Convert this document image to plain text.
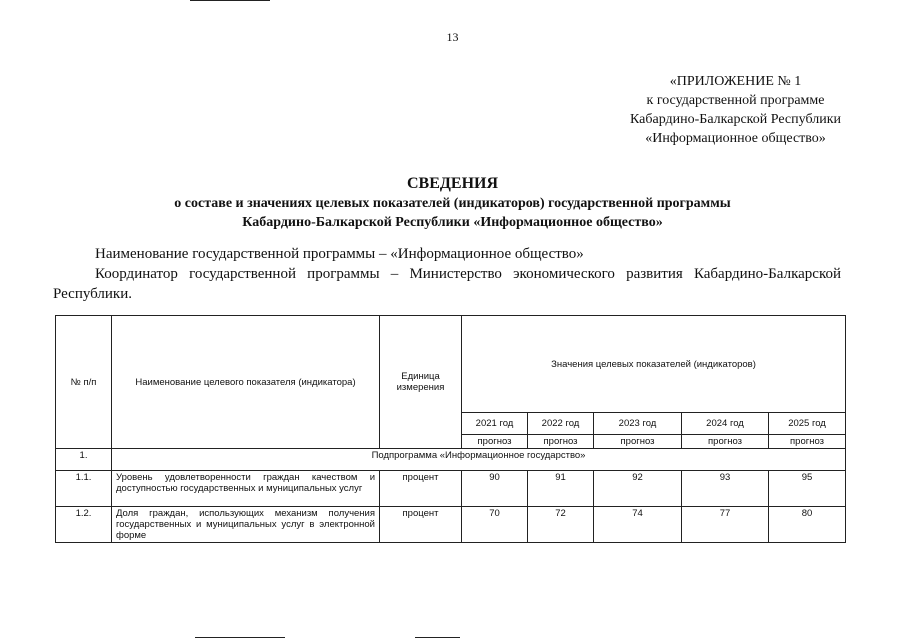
13
«ПРИЛОЖЕНИЕ № 1
к государственной программе
Кабардино-Балкарской Республики
«Информационное общество»
СВЕДЕНИЯ
о составе и значениях целевых показателей (индикаторов) государственной программы
Кабардино-Балкарской Республики «Информационное общество»

Наименование государственной программы – «Информационное общество»

Координатор государственной программы – Министерство экономического развития Кабардино-Балкарской Республики.

№ п/п	Наименование целевого показателя (индикатора)	Единица измерения	Значения целевых показателей (индикаторов)				
			2021 год	2022 год	2023 год	2024 год	2025 год
			прогноз	прогноз	прогноз	прогноз	прогноз
1.	Подпрограмма «Информационное государство»						
1.1.	Уровень удовлетворенности граждан качеством и доступностью государственных и муниципальных услуг	процент	90	91	92	93	95
1.2.	Доля граждан, использующих механизм получения государственных и муниципальных услуг в электронной форме	процент	70	72	74	77	80
